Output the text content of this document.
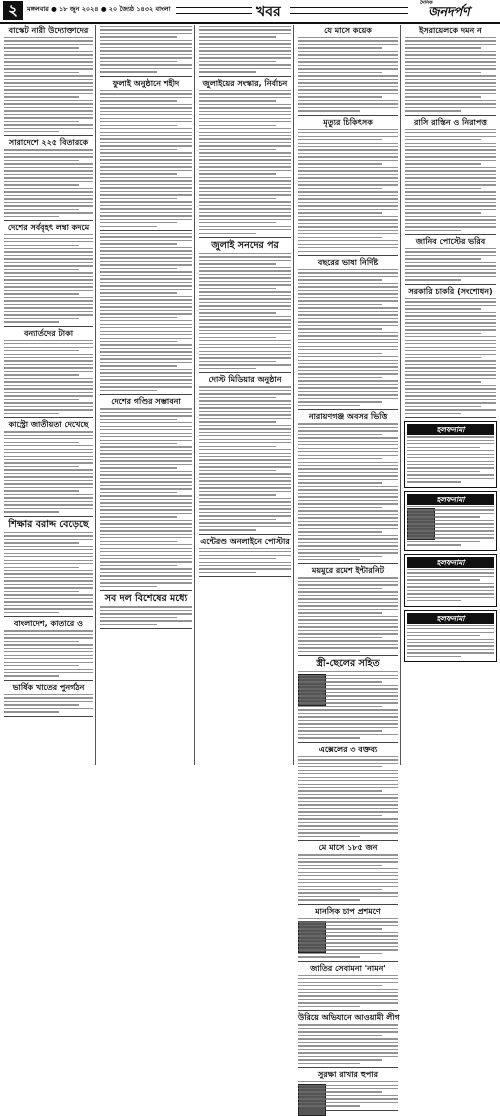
২	মঙ্গলবার ● ১৮ জুন ২০২৪ ● ২০ জ্যৈষ্ঠ ১৪৩২ বাংলা	খবর
দৈনিক
জনদর্পণ
বাস্কেট নারী উদ্যোক্তাদের
সারাদেশে ২২৫ বিতারকে
দেশের সর্ববৃহৎ লম্বা কদমে
বন্যার্তদের টাকা
কাস্ট্রো জাতীয়তা দেখেছে
শিক্ষার বরাদ্দ বেড়েছে
বাংলাদেশ, কাতারে ও
ভার্ষিক খাতের পুনর্গঠন
ফুলাই অনুষ্ঠানে শহীদ
দেশের গণ্ডির সম্ভাবনা
সব দল বিশেষের মধ্যে
জুলাইয়ের সংস্কার, নির্বাচন
জুলাই সনদের পর
দোস্ট মিডিয়ার অনুষ্ঠান
এন্টেরণ্ড অনলাইনে পোস্টার
যে মাসে কয়েক
মৃত্যুর চিকিৎসক
বছরের ভাষা নির্দিষ্ট
নারায়ণগঞ্জ অবসর ভিত্তি
ময়মুরে রমেশ ইন্টারনিট
স্ত্রী-ছেলের সহিত
এক্সেলের ৩ বক্তব্য
মে মাসে ১৮৫ জন
মানসিক চাপ প্রশমণে
জাতির সেবামনা 'নামন'
উরিয়ে অভিযানে আওয়ামী লীগ
সুরক্ষা রাখার হুপার
ইসরায়েলকে দমন ন
রাসি রাস্তিন ও নিরাপত্ত
জানিব পোস্টের ভরিব
সরকারি চাকরি (সংশোধন)
হলফনামা
হলফনামা
হলফনামা
হলফনামা
